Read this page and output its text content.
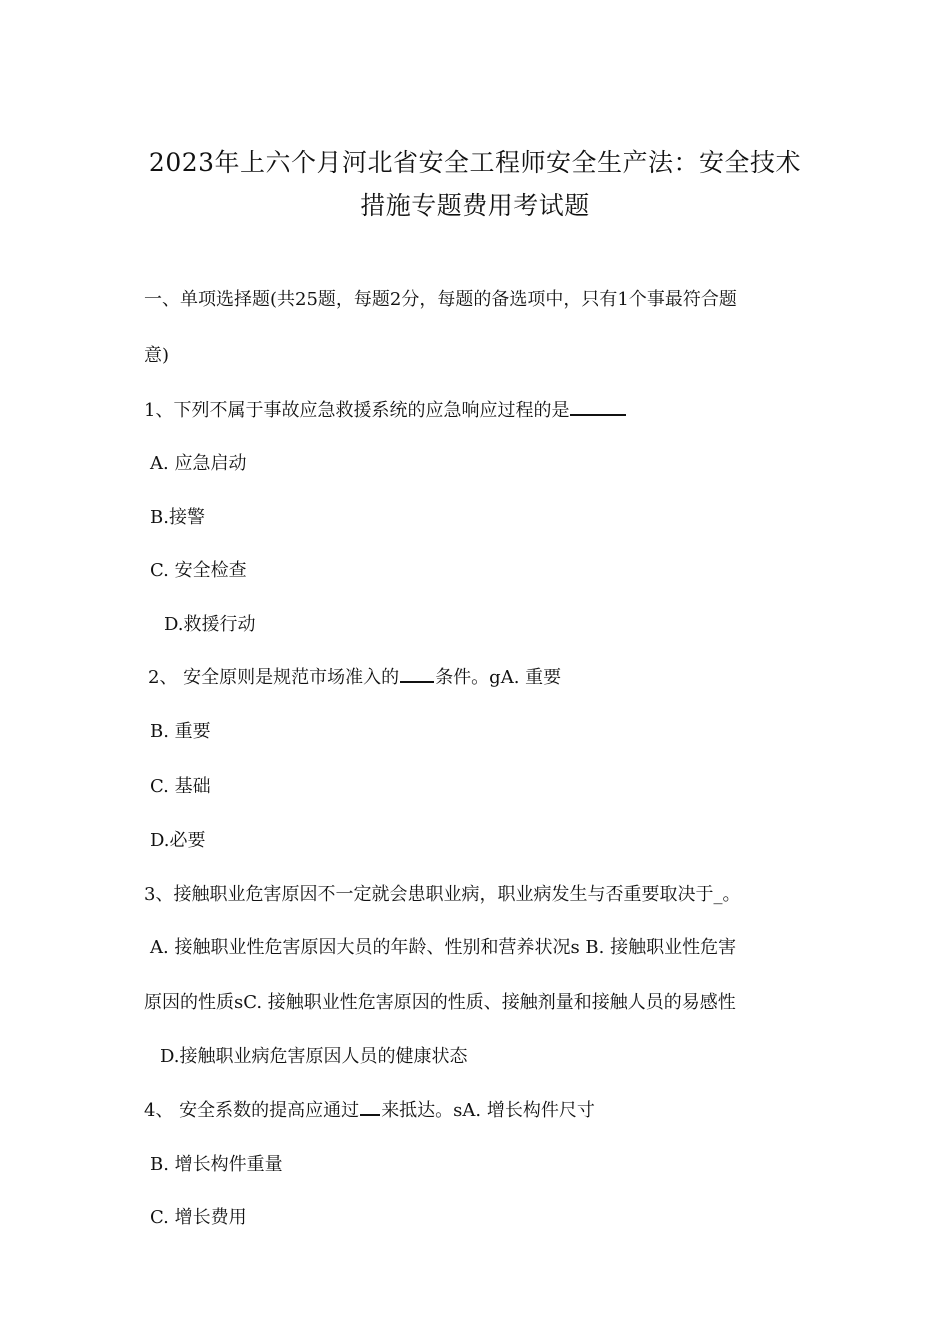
2023年上六个月河北省安全工程师安全生产法：安全技术
措施专题费用考试题
一、单项选择题(共25题，每题2分，每题的备选项中，只有1个事最符合题
意)
1、下列不属于事故应急救援系统的应急响应过程的是
A. 应急启动
B.接警
C. 安全检查
D.救援行动
2、 安全原则是规范市场准入的 条件。gA. 重要
B. 重要
C. 基础
D.必要
3、接触职业危害原因不一定就会患职业病，职业病发生与否重要取决于_。
A. 接触职业性危害原因大员的年龄、性别和营养状况s B. 接触职业性危害
原因的性质sC. 接触职业性危害原因的性质、接触剂量和接触人员的易感性
D.接触职业病危害原因人员的健康状态
4、 安全系数的提高应通过 来抵达。sA. 增长构件尺寸
B. 增长构件重量
C. 增长费用
